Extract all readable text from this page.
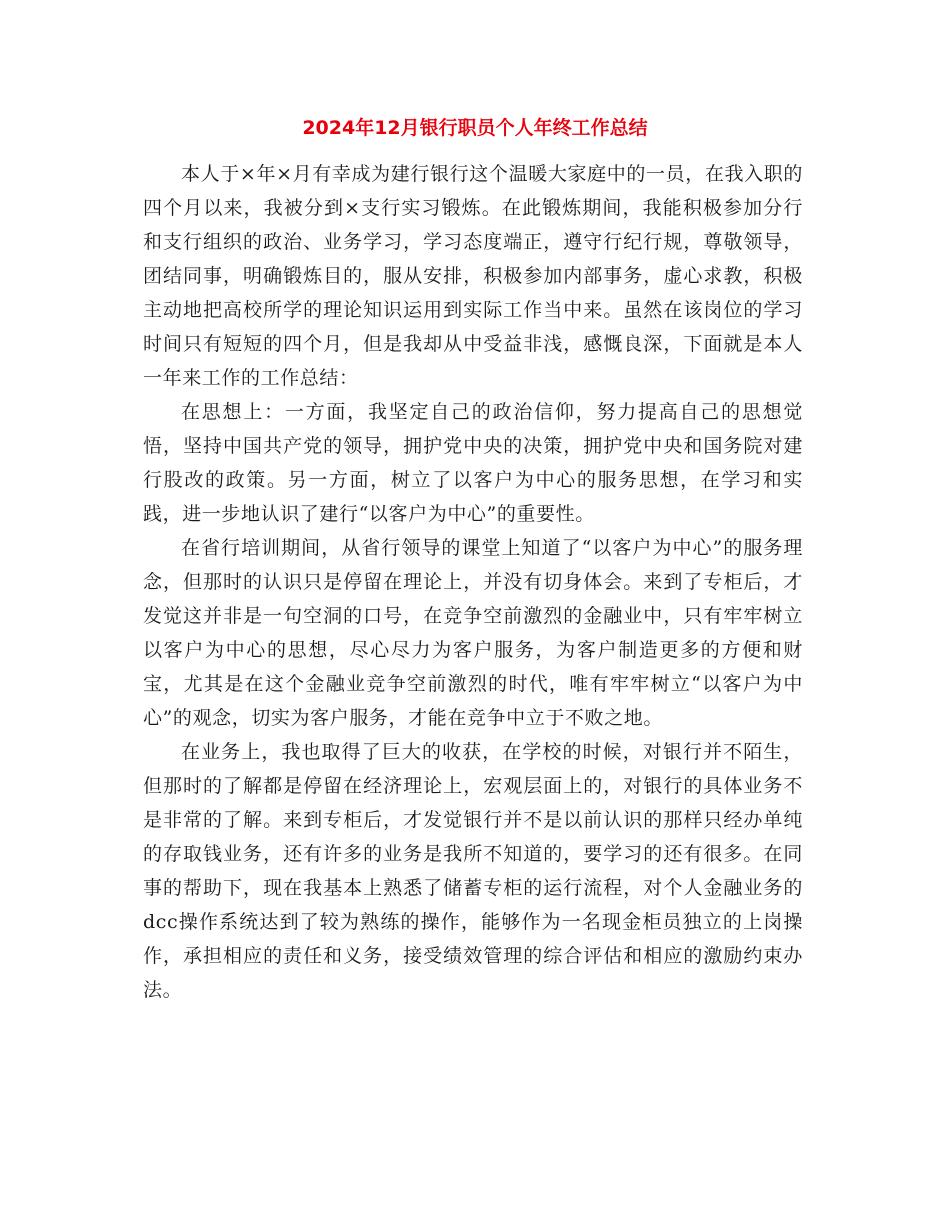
2024年12月银行职员个人年终工作总结

本人于×年×月有幸成为建行银行这个温暖大家庭中的一员，在我入职的四个月以来，我被分到×支行实习锻炼。在此锻炼期间，我能积极参加分行和支行组织的政治、业务学习，学习态度端正，遵守行纪行规，尊敬领导，团结同事，明确锻炼目的，服从安排，积极参加内部事务，虚心求教，积极主动地把高校所学的理论知识运用到实际工作当中来。虽然在该岗位的学习时间只有短短的四个月，但是我却从中受益非浅，感慨良深，下面就是本人一年来工作的工作总结：

在思想上：一方面，我坚定自己的政治信仰，努力提高自己的思想觉悟，坚持中国共产党的领导，拥护党中央的决策，拥护党中央和国务院对建行股改的政策。另一方面，树立了以客户为中心的服务思想，在学习和实践，进一步地认识了建行“以客户为中心”的重要性。

在省行培训期间，从省行领导的课堂上知道了“以客户为中心”的服务理念，但那时的认识只是停留在理论上，并没有切身体会。来到了专柜后，才发觉这并非是一句空洞的口号，在竞争空前激烈的金融业中，只有牢牢树立以客户为中心的思想，尽心尽力为客户服务，为客户制造更多的方便和财宝，尤其是在这个金融业竞争空前激烈的时代，唯有牢牢树立“以客户为中心”的观念，切实为客户服务，才能在竞争中立于不败之地。

在业务上，我也取得了巨大的收获，在学校的时候，对银行并不陌生，但那时的了解都是停留在经济理论上，宏观层面上的，对银行的具体业务不是非常的了解。来到专柜后，才发觉银行并不是以前认识的那样只经办单纯的存取钱业务，还有许多的业务是我所不知道的，要学习的还有很多。在同事的帮助下，现在我基本上熟悉了储蓄专柜的运行流程，对个人金融业务的dcc操作系统达到了较为熟练的操作，能够作为一名现金柜员独立的上岗操作，承担相应的责任和义务，接受绩效管理的综合评估和相应的激励约束办法。
